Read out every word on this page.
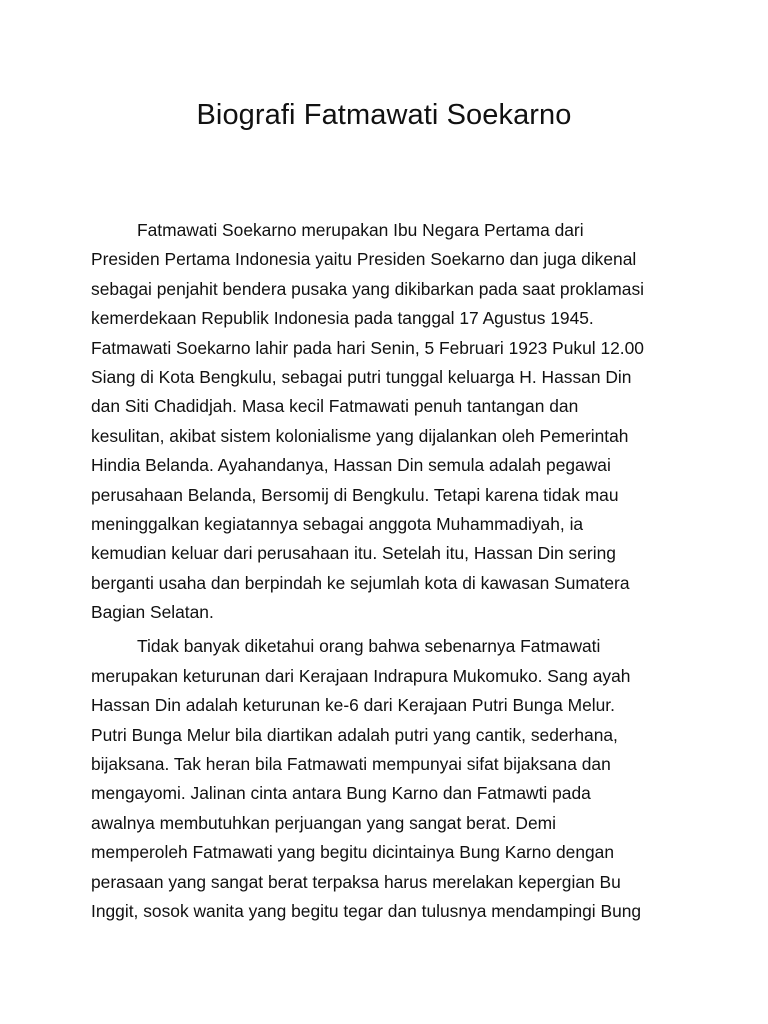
Biografi Fatmawati Soekarno
Fatmawati Soekarno merupakan Ibu Negara Pertama dari
Presiden Pertama Indonesia yaitu Presiden Soekarno dan juga dikenal
sebagai penjahit bendera pusaka yang dikibarkan pada saat proklamasi
kemerdekaan Republik Indonesia pada tanggal 17 Agustus 1945.
Fatmawati Soekarno lahir pada hari Senin, 5 Februari 1923 Pukul 12.00
Siang di Kota Bengkulu, sebagai putri tunggal keluarga H. Hassan Din
dan Siti Chadidjah. Masa kecil Fatmawati penuh tantangan dan
kesulitan, akibat sistem kolonialisme yang dijalankan oleh Pemerintah
Hindia Belanda. Ayahandanya, Hassan Din semula adalah pegawai
perusahaan Belanda, Bersomij di Bengkulu. Tetapi karena tidak mau
meninggalkan kegiatannya sebagai anggota Muhammadiyah, ia
kemudian keluar dari perusahaan itu. Setelah itu, Hassan Din sering
berganti usaha dan berpindah ke sejumlah kota di kawasan Sumatera
Bagian Selatan.
Tidak banyak diketahui orang bahwa sebenarnya Fatmawati
merupakan keturunan dari Kerajaan Indrapura Mukomuko. Sang ayah
Hassan Din adalah keturunan ke-6 dari Kerajaan Putri Bunga Melur.
Putri Bunga Melur bila diartikan adalah putri yang cantik, sederhana,
bijaksana. Tak heran bila Fatmawati mempunyai sifat bijaksana dan
mengayomi. Jalinan cinta antara Bung Karno dan Fatmawti pada
awalnya membutuhkan perjuangan yang sangat berat. Demi
memperoleh Fatmawati yang begitu dicintainya Bung Karno dengan
perasaan yang sangat berat terpaksa harus merelakan kepergian Bu
Inggit, sosok wanita yang begitu tegar dan tulusnya mendampingi Bung
